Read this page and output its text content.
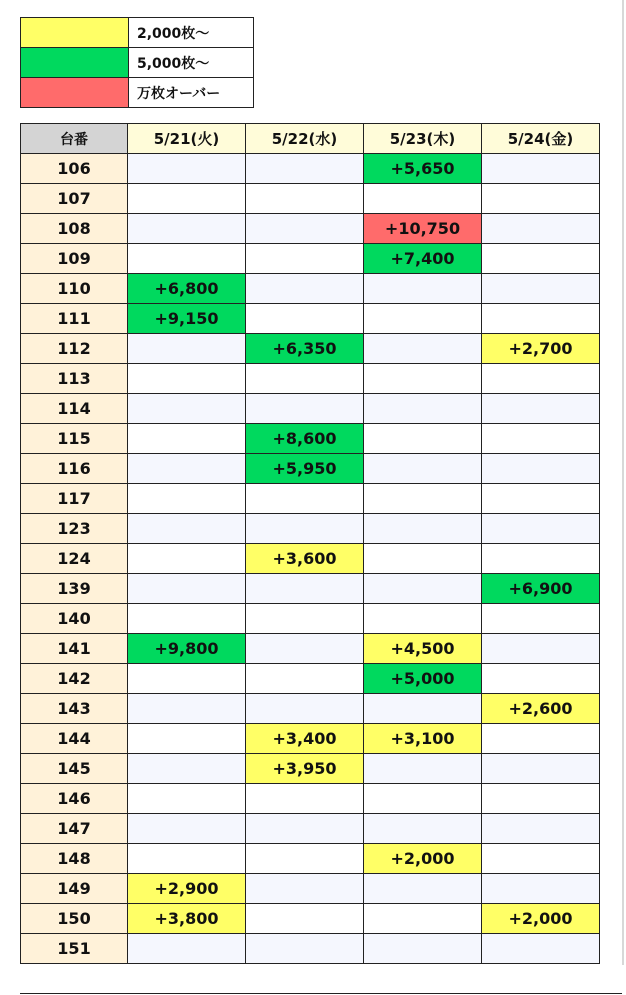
	2,000枚～
	5,000枚～
	万枚オーバー
台番	5/21(火)	5/22(水)	5/23(木)	5/24(金)
106			+5,650	
107				
108			+10,750	
109			+7,400	
110	+6,800			
111	+9,150			
112		+6,350		+2,700
113				
114				
115		+8,600		
116		+5,950		
117				
123				
124		+3,600		
139				+6,900
140				
141	+9,800		+4,500	
142			+5,000	
143				+2,600
144		+3,400	+3,100	
145		+3,950		
146				
147				
148			+2,000	
149	+2,900			
150	+3,800			+2,000
151				
